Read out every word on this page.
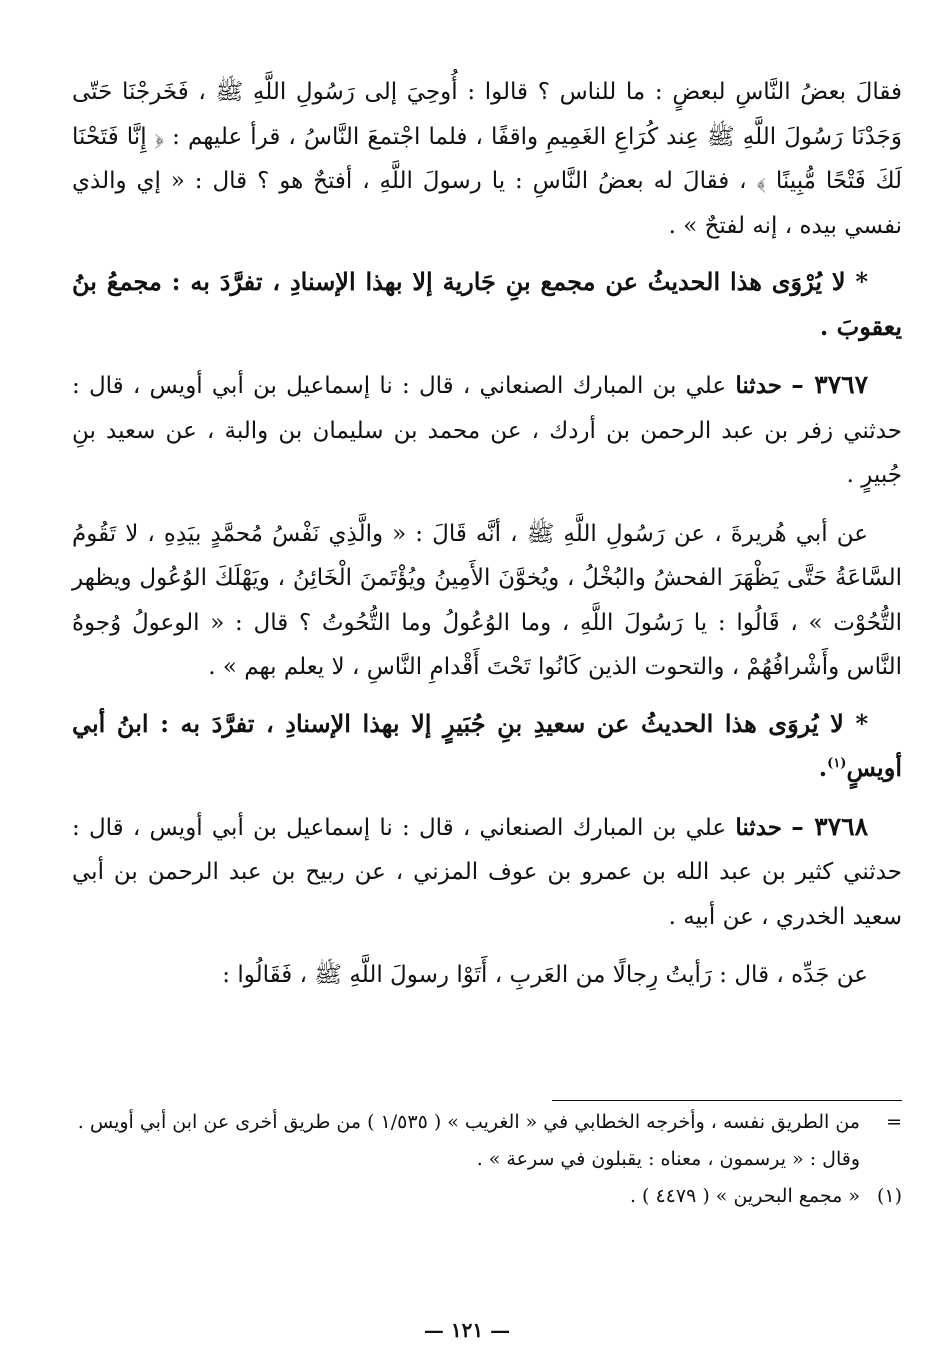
فقالَ بعضُ النَّاسِ لبعضٍ : ما للناس ؟ قالوا : أُوحِيَ إلى رَسُولِ اللَّهِ ﷺ ، فَخَرجْنَا حَتّى وَجَدْنَا رَسُولَ اللَّهِ ﷺ عِند كُرَاعِ الغَمِيمِ واقفًا ، فلما اجْتمعَ النَّاسُ ، قرأ عليهم : ﴿ إِنَّا فَتَحْنَا لَكَ فَتْحًا مُّبِينًا ﴾ ، فقالَ له بعضُ النَّاسِ : يا رسولَ اللَّهِ ، أفتحٌ هو ؟ قال : « إي والذي نفسي بيده ، إنه لفتحٌ » .

* لا يُرْوَى هذا الحديثُ عن مجمع بنِ جَارية إلا بهذا الإسنادِ ، تفرَّدَ به : مجمعُ بنُ يعقوبَ .

٣٧٦٧ – حدثنا علي بن المبارك الصنعاني ، قال : نا إسماعيل بن أبي أويس ، قال : حدثني زفر بن عبد الرحمن بن أردك ، عن محمد بن سليمان بن والبة ، عن سعيد بنِ جُبيرٍ .

عن أبي هُريرةَ ، عن رَسُولِ اللَّهِ ﷺ ، أنَّه قَالَ : « والَّذِي نَفْسُ مُحمَّدٍ بيَدِهِ ، لا تَقُومُ السَّاعَةُ حَتَّى يَظْهَرَ الفحشُ والبُخْلُ ، ويُخوَّنَ الأَمِينُ ويُؤْتَمنَ الْخَائِنُ ، ويَهْلَكَ الوُعُول ويظهر التُّحُوْت » ، قَالُوا : يا رَسُولَ اللَّهِ ، وما الوُعُولُ وما التُّحُوتُ ؟ قال : « الوعولُ وُجوهُ النَّاس وأَشْرافُهُمْ ، والتحوت الذين كَانُوا تَحْتَ أَقْدامِ النَّاسِ ، لا يعلم بهم » .

* لا يُروَى هذا الحديثُ عن سعيدِ بنِ جُبَيرٍ إلا بهذا الإسنادِ ، تفرَّدَ به : ابنُ أبي أويسٍ$^{(١)}$.

٣٧٦٨ – حدثنا علي بن المبارك الصنعاني ، قال : نا إسماعيل بن أبي أويس ، قال : حدثني كثير بن عبد الله بن عمرو بن عوف المزني ، عن ربيح بن عبد الرحمن بن أبي سعيد الخدري ، عن أبيه .

عن جَدِّه ، قال : رَأيتُ رِجالًا من العَربِ ، أَتَوْا رسولَ اللَّهِ ﷺ ، فَقَالُوا :

=
من الطريق نفسه ، وأخرجه الخطابي في « الغريب » ( ١/٥٣٥ ) من طريق أخرى عن ابن أبي أويس .
وقال : « يرسمون ، معناه : يقبلون في سرعة » .
(١)
« مجمع البحرين » ( ٤٤٧٩ ) .
— ١٢١ —
